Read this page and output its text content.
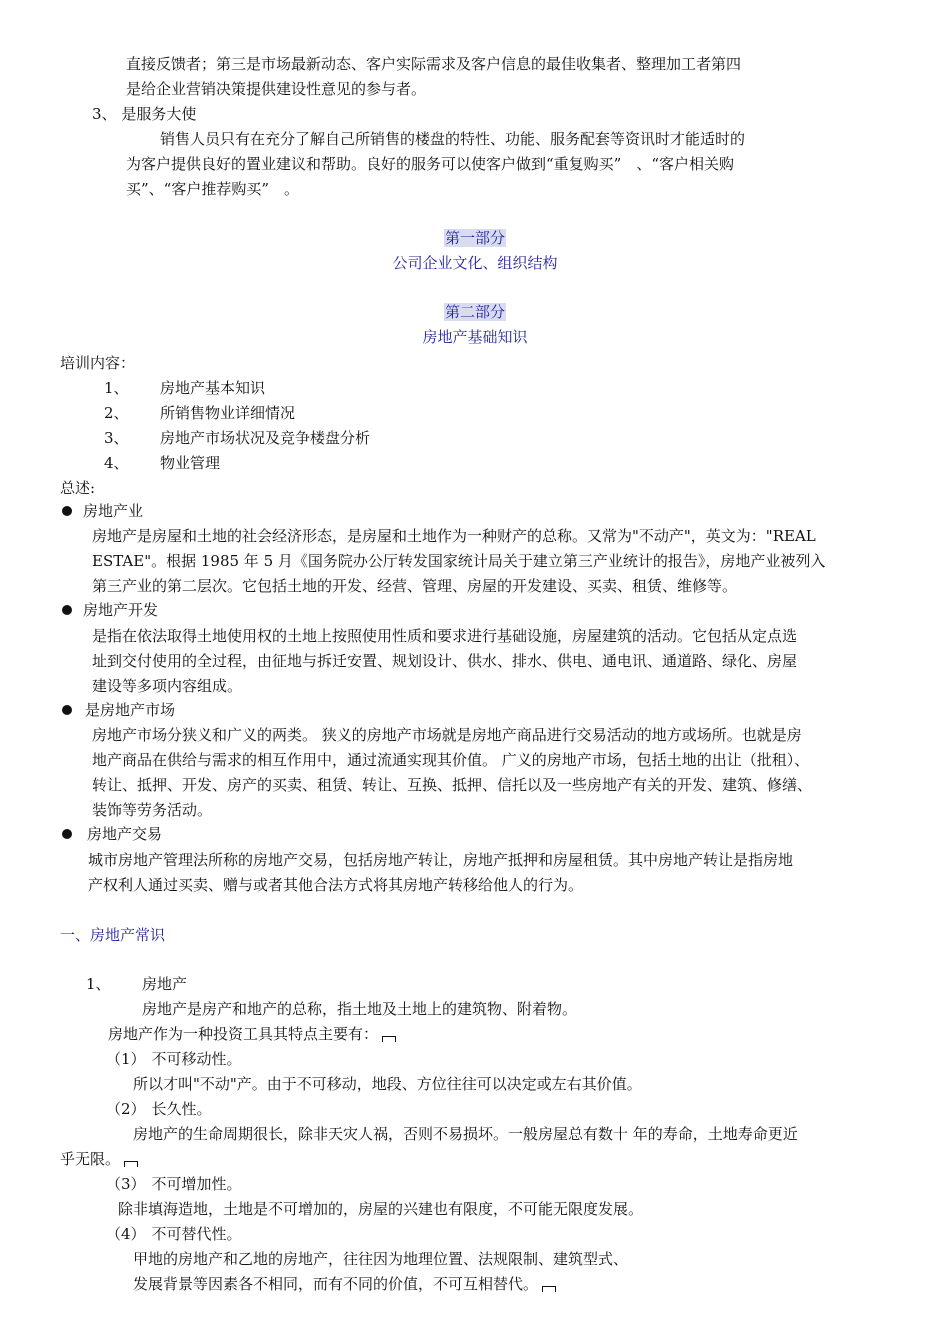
直接反馈者；第三是市场最新动态、客户实际需求及客户信息的最佳收集者、整理加工者第四
是给企业营销决策提供建设性意见的参与者。
3、 是服务大使
销售人员只有在充分了解自己所销售的楼盘的特性、功能、服务配套等资讯时才能适时的
为客户提供良好的置业建议和帮助。良好的服务可以使客户做到“重复购买”　、“客户相关购
买”、“客户推荐购买”　。
第一部分
公司企业文化、组织结构
第二部分
房地产基础知识
培训内容：
1、 房地产基本知识
2、 所销售物业详细情况
3、 房地产市场状况及竞争楼盘分析
4、 物业管理
总述:
房地产业
房地产是房屋和土地的社会经济形态，是房屋和土地作为一种财产的总称。又常为"不动产"，英文为："REAL
ESTAE"。根据 1985 年 5 月《国务院办公厅转发国家统计局关于建立第三产业统计的报告》，房地产业被列入
第三产业的第二层次。它包括土地的开发、经营、管理、房屋的开发建设、买卖、租赁、维修等。
房地产开发
是指在依法取得土地使用权的土地上按照使用性质和要求进行基础设施，房屋建筑的活动。它包括从定点选
址到交付使用的全过程，由征地与拆迁安置、规划设计、供水、排水、供电、通电讯、通道路、绿化、房屋
建设等多项内容组成。
是房地产市场
房地产市场分狭义和广义的两类。 狭义的房地产市场就是房地产商品进行交易活动的地方或场所。也就是房
地产商品在供给与需求的相互作用中，通过流通实现其价值。 广义的房地产市场，包括土地的出让（批租）、
转让、抵押、开发、房产的买卖、租赁、转让、互换、抵押、信托以及一些房地产有关的开发、建筑、修缮、
装饰等劳务活动。
房地产交易
城市房地产管理法所称的房地产交易，包括房地产转让，房地产抵押和房屋租赁。其中房地产转让是指房地
产权利人通过买卖、赠与或者其他合法方式将其房地产转移给他人的行为。
一、房地产常识
1、 房地产
房地产是房产和地产的总称，指土地及土地上的建筑物、附着物。
房地产作为一种投资工具其特点主要有：
（1） 不可移动性。
所以才叫"不动"产。由于不可移动，地段、方位往往可以决定或左右其价值。
（2） 长久性。
房地产的生命周期很长，除非天灾人祸，否则不易损坏。一般房屋总有数十 年的寿命，土地寿命更近
乎无限。
（3） 不可增加性。
除非填海造地，土地是不可增加的，房屋的兴建也有限度，不可能无限度发展。
（4） 不可替代性。
甲地的房地产和乙地的房地产，往往因为地理位置、法规限制、建筑型式、
发展背景等因素各不相同，而有不同的价值，不可互相替代。
